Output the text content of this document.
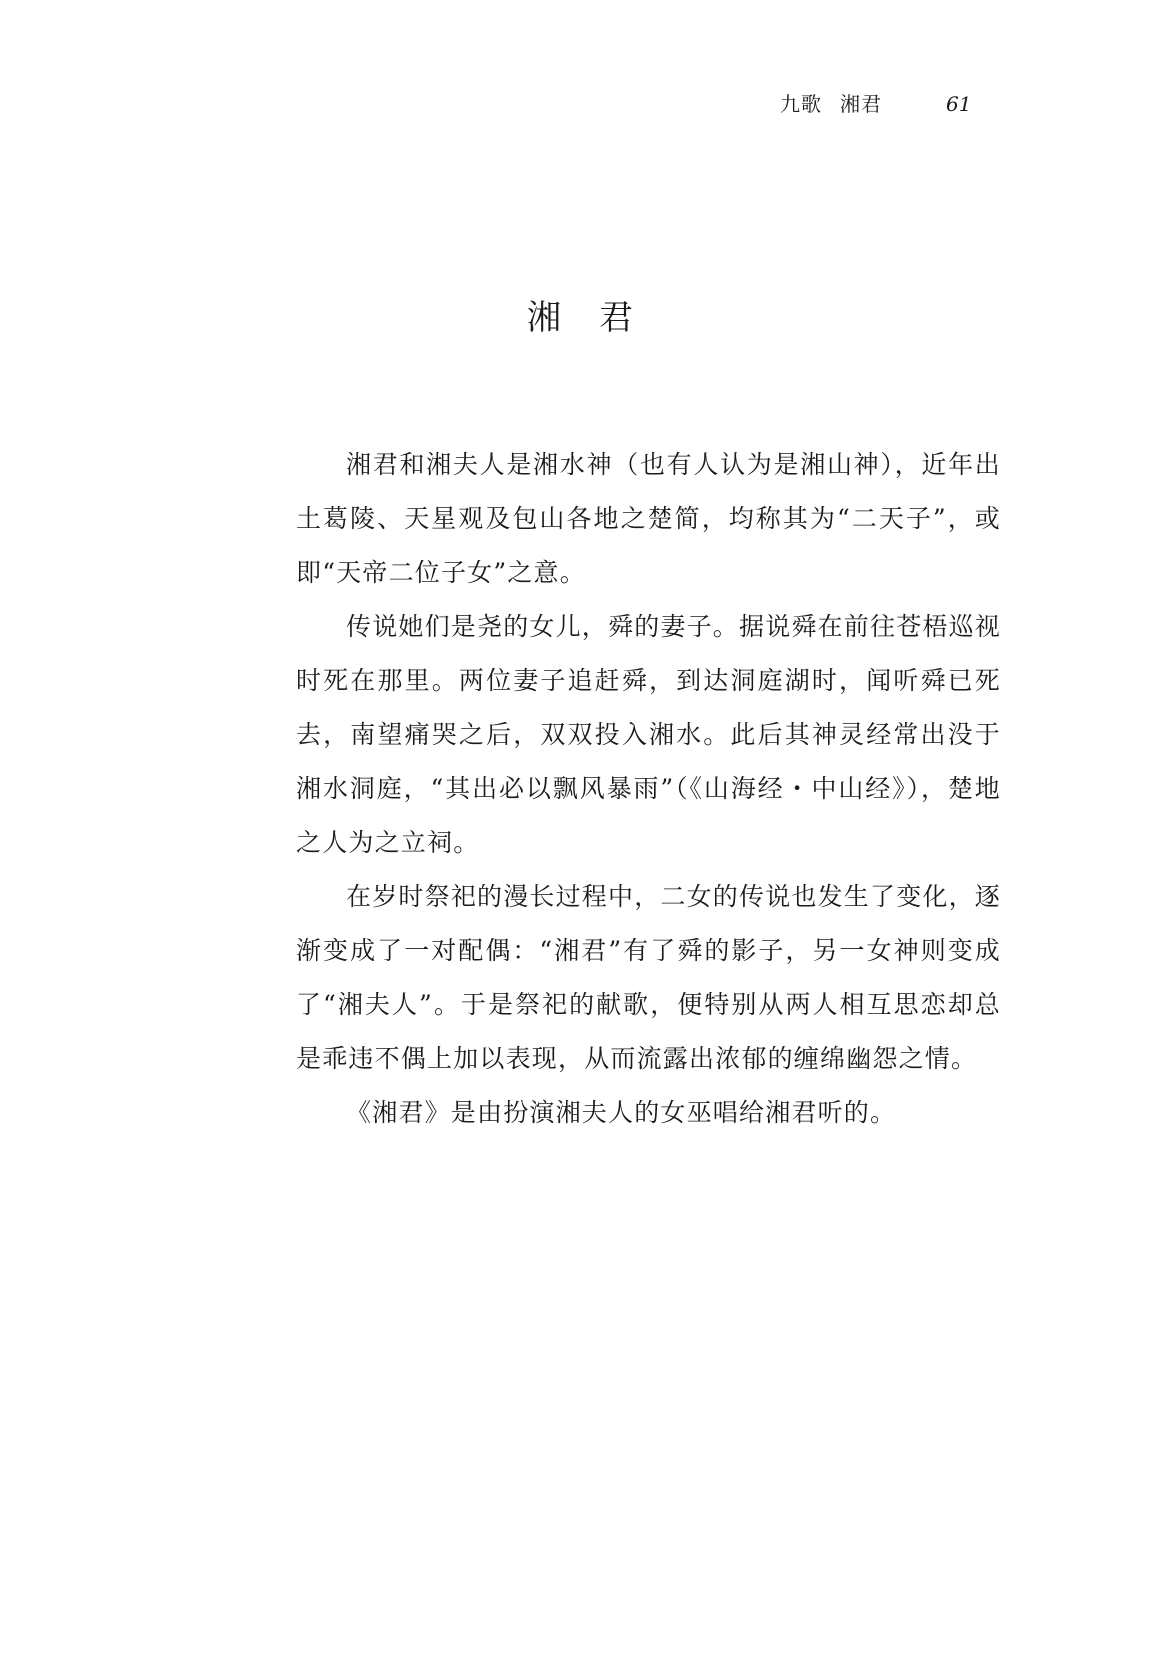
九歌 湘君	61
湘君

湘君和湘夫人是湘水神（也有人认为是湘山神），近年出土葛陵、天星观及包山各地之楚简，均称其为“二天子”，或即“天帝二位子女”之意。

传说她们是尧的女儿，舜的妻子。据说舜在前往苍梧巡视时死在那里。两位妻子追赶舜，到达洞庭湖时，闻听舜已死去，南望痛哭之后，双双投入湘水。此后其神灵经常出没于湘水洞庭，“其出必以飘风暴雨”（《山海经・中山经》），楚地之人为之立祠。

在岁时祭祀的漫长过程中，二女的传说也发生了变化，逐渐变成了一对配偶：“湘君”有了舜的影子，另一女神则变成了“湘夫人”。于是祭祀的献歌，便特别从两人相互思恋却总是乖违不偶上加以表现，从而流露出浓郁的缠绵幽怨之情。

《湘君》是由扮演湘夫人的女巫唱给湘君听的。
